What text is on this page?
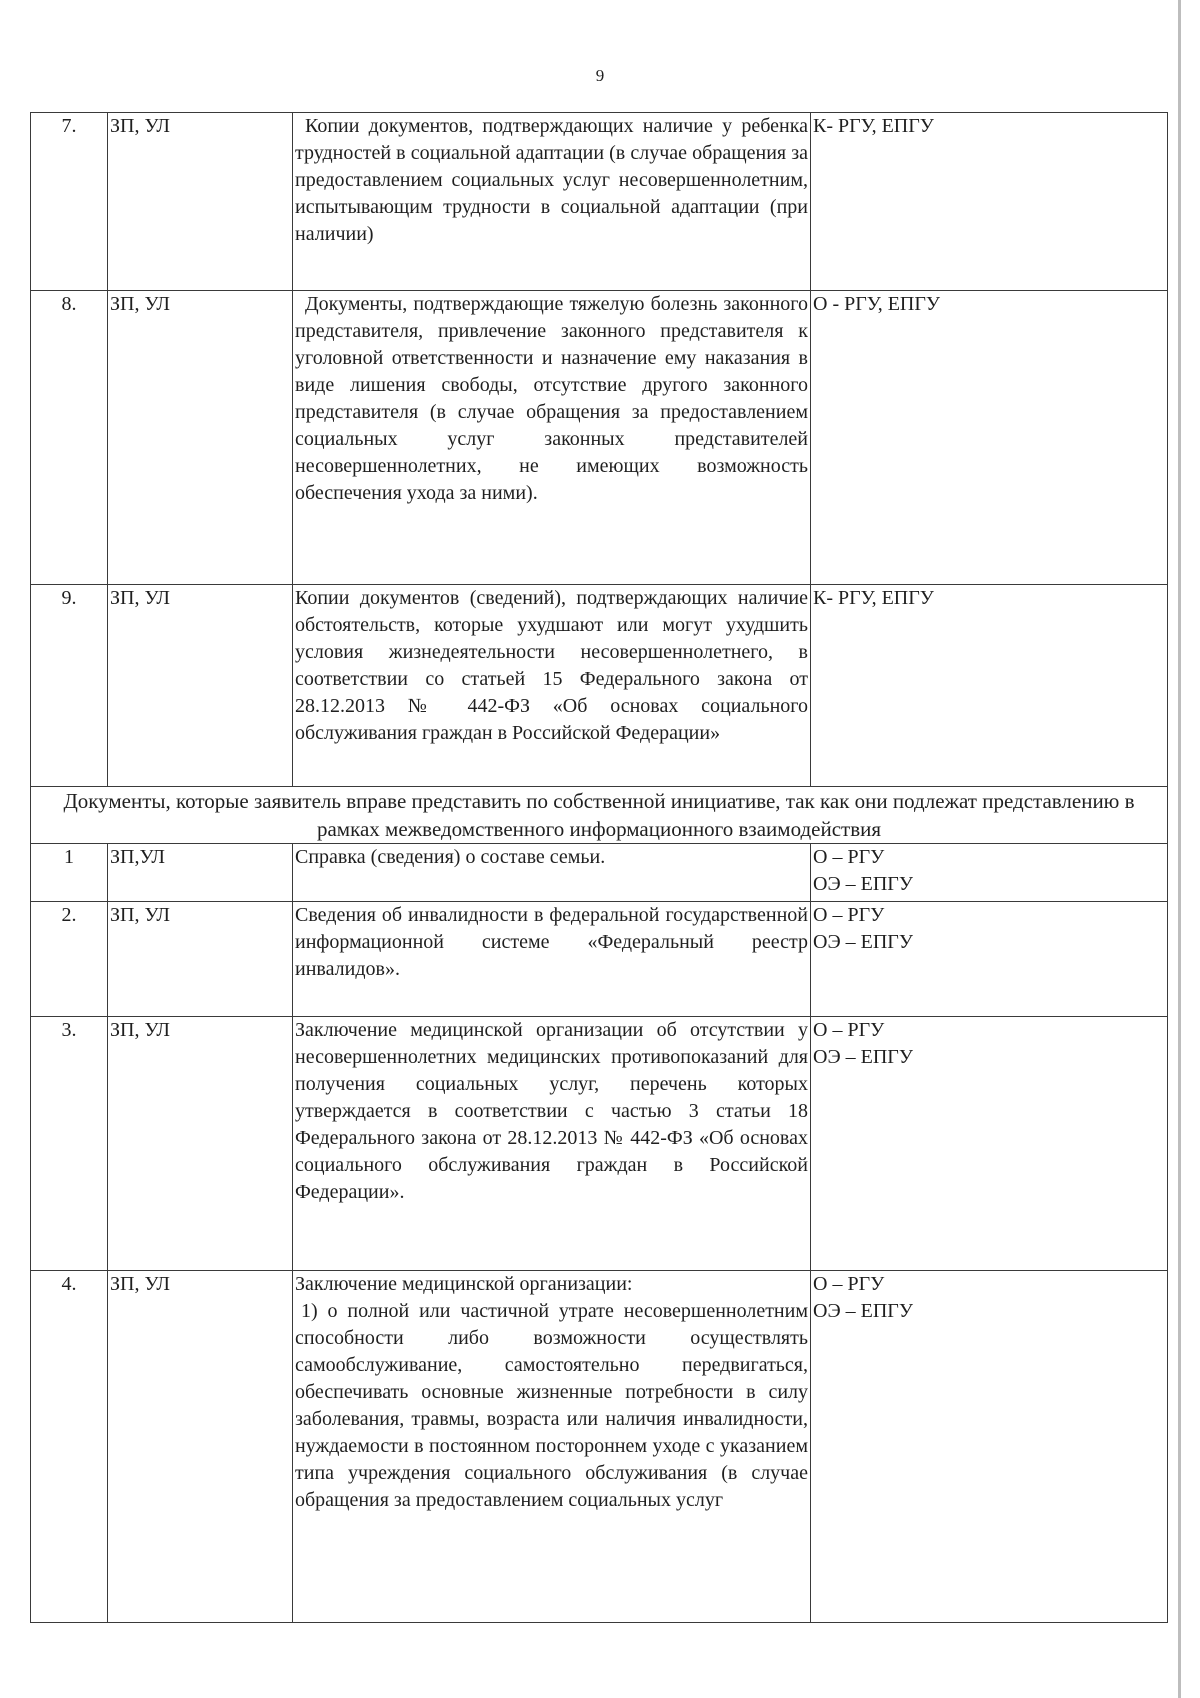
9
7.	ЗП, УЛ	Копии документов, подтверждающих наличие у ребенка трудностей в социальной адаптации (в случае обращения за предоставлением социальных услуг несовершеннолетним, испытывающим трудности в социальной адаптации (при наличии)	К- РГУ, ЕПГУ

8.	ЗП, УЛ	Документы, подтверждающие тяжелую болезнь законного представителя, привлечение законного представителя к уголовной ответственности и назначение ему наказания в виде лишения свободы, отсутствие другого законного представителя (в случае обращения за предоставлением социальных услуг законных представителей несовершеннолетних, не имеющих возможность обеспечения ухода за ними).	О - РГУ, ЕПГУ

9.	ЗП, УЛ	Копии документов (сведений), подтверждающих наличие обстоятельств, которые ухудшают или могут ухудшить условия жизнедеятельности несовершеннолетнего, в соответствии со статьей 15 Федерального закона от 28.12.2013 № 442-ФЗ «Об основах социального обслуживания граждан в Российской Федерации»	К- РГУ, ЕПГУ

Документы, которые заявитель вправе представить по собственной инициативе, так как они подлежат представлению в рамках межведомственного информационного взаимодействия			
1	ЗП,УЛ	Справка (сведения) о составе семьи.	О – РГУ
ОЭ – ЕПГУ

2.	ЗП, УЛ	Сведения об инвалидности в федеральной государственной информационной системе «Федеральный реестр инвалидов».	О – РГУ
ОЭ – ЕПГУ

3.	ЗП, УЛ	Заключение медицинской организации об отсутствии у несовершеннолетних медицинских противопоказаний для получения социальных услуг, перечень которых утверждается в соответствии с частью 3 статьи 18 Федерального закона от 28.12.2013 № 442-ФЗ «Об основах социального обслуживания граждан в Российской Федерации».	О – РГУ
ОЭ – ЕПГУ

4.	ЗП, УЛ	Заключение медицинской организации:
1) о полной или частичной утрате несовершеннолетним способности либо возможности осуществлять самообслуживание, самостоятельно передвигаться, обеспечивать основные жизненные потребности в силу заболевания, травмы, возраста или наличия инвалидности, нуждаемости в постоянном постороннем уходе с указанием типа учреждения социального обслуживания (в случае обращения за предоставлением социальных услуг	О – РГУ
ОЭ – ЕПГУ
